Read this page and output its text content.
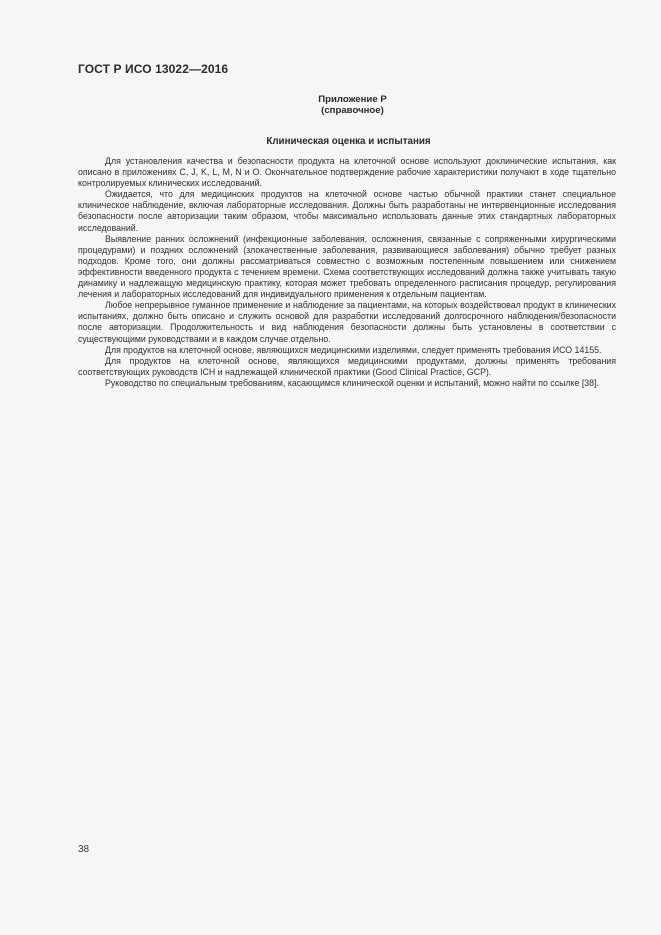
ГОСТ Р ИСО 13022—2016
Приложение Р
(справочное)
Клиническая оценка и испытания

Для установления качества и безопасности продукта на клеточной основе используют доклинические испытания, как описано в приложениях C, J, K, L, M, N и O. Окончательное подтверждение рабочие характеристики получают в ходе тщательно контролируемых клинических исследований.

Ожидается, что для медицинских продуктов на клеточной основе частью обычной практики станет специальное клиническое наблюдение, включая лабораторные исследования. Должны быть разработаны не интервенционные исследования безопасности после авторизации таким образом, чтобы максимально использовать данные этих стандартных лабораторных исследований.

Выявление ранних осложнений (инфекционные заболевания, осложнения, связанные с сопряженными хирургическими процедурами) и поздних осложнений (злокачественные заболевания, развивающиеся заболевания) обычно требует разных подходов. Кроме того, они должны рассматриваться совместно с возможным постепенным повышением или снижением эффективности введенного продукта с течением времени. Схема соответствующих исследований должна также учитывать такую динамику и надлежащую медицинскую практику, которая может требовать определенного расписания процедур, регулирования лечения и лабораторных исследований для индивидуального применения к отдельным пациентам.

Любое непрерывное гуманное применение и наблюдение за пациентами, на которых воздействовал продукт в клинических испытаниях, должно быть описано и служить основой для разработки исследований долгосрочного наблюдения/безопасности после авторизации. Продолжительность и вид наблюдения безопасности должны быть установлены в соответствии с существующими руководствами и в каждом случае отдельно.

Для продуктов на клеточной основе, являющихся медицинскими изделиями, следует применять требования ИСО 14155.

Для продуктов на клеточной основе, являющихся медицинскими продуктами, должны применять требования соответствующих руководств ICH и надлежащей клинической практики (Good Clinical Practice, GCP).

Руководство по специальным требованиям, касающимся клинической оценки и испытаний, можно найти по ссылке [38].

38
